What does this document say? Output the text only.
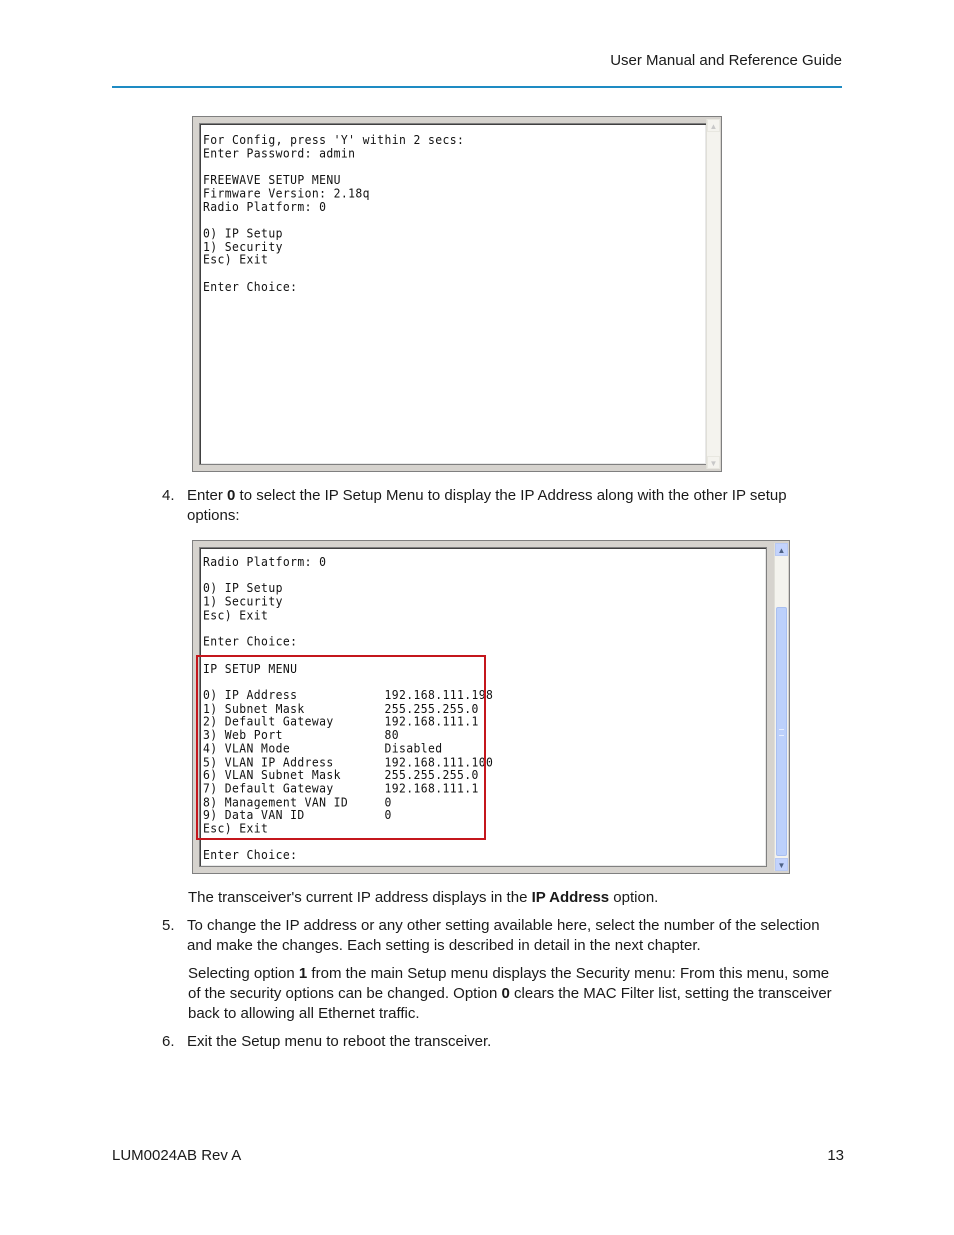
User Manual and Reference Guide
For Config, press 'Y' within 2 secs:
Enter Password: admin

FREEWAVE SETUP MENU
Firmware Version: 2.18q
Radio Platform: 0

0) IP Setup
1) Security
Esc) Exit

Enter Choice:
▲
▼
4. Enter 0 to select the IP Setup Menu to display the IP Address along with the other IP setup
options:
Radio Platform: 0

0) IP Setup
1) Security
Esc) Exit

Enter Choice:

IP SETUP MENU

0) IP Address            192.168.111.198
1) Subnet Mask           255.255.255.0
2) Default Gateway       192.168.111.1
3) Web Port              80
4) VLAN Mode             Disabled
5) VLAN IP Address       192.168.111.100
6) VLAN Subnet Mask      255.255.255.0
7) Default Gateway       192.168.111.1
8) Management VAN ID     0
9) Data VAN ID           0
Esc) Exit

Enter Choice:
▲
▼
The transceiver's current IP address displays in the IP Address option.
5. To change the IP address or any other setting available here, select the number of the selection
and make the changes. Each setting is described in detail in the next chapter.
Selecting option 1 from the main Setup menu displays the Security menu: From this menu, some
of the security options can be changed. Option 0 clears the MAC Filter list, setting the transceiver
back to allowing all Ethernet traffic.
6. Exit the Setup menu to reboot the transceiver.
LUM0024AB Rev A	13
